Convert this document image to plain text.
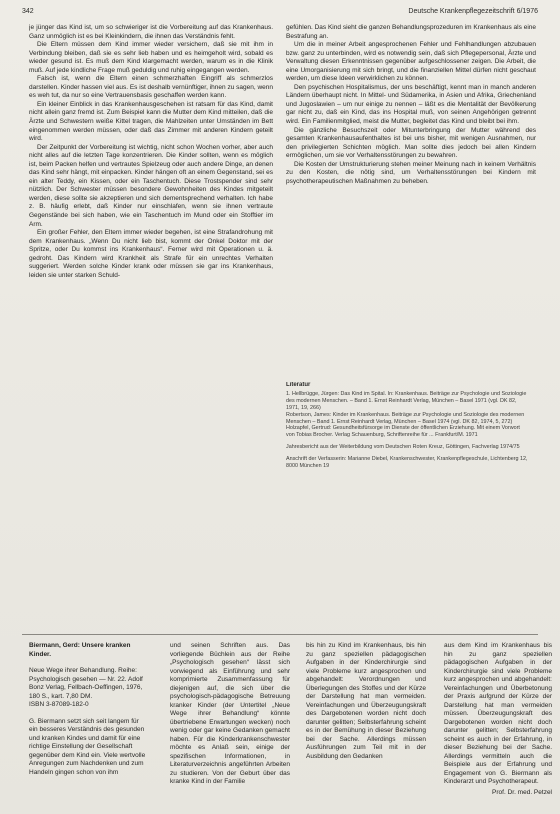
342	Deutsche Krankenpflegezeitschrift 6/1976

je jünger das Kind ist, um so schwieriger ist die Vorbereitung auf das Krankenhaus. Ganz unmöglich ist es bei Kleinkindern, die ihnen das Verständnis fehlt.

Die Eltern müssen dem Kind immer wieder versichern, daß sie mit ihm in Verbindung bleiben, daß sie es sehr lieb haben und es heimgeholt wird, sobald es wieder gesund ist. Es muß dem Kind klargemacht werden, warum es in die Klinik muß. Auf jede kindliche Frage muß geduldig und ruhig eingegangen werden.

Falsch ist, wenn die Eltern einen schmerzhaften Eingriff als schmerzlos darstellen. Kinder hassen viel aus. Es ist deshalb vernünftiger, ihnen zu sagen, wenn es weh tut, da nur so eine Vertrauensbasis geschaffen werden kann.

Ein kleiner Einblick in das Krankenhausgeschehen ist ratsam für das Kind, damit nicht allein ganz fremd ist. Zum Beispiel kann die Mutter dem Kind mitteilen, daß die Ärzte und Schwestern weiße Kittel tragen, die Mahlzeiten unter Umständen im Bett eingenommen werden müssen, oder daß das Zimmer mit anderen Kindern geteilt wird.

Der Zeitpunkt der Vorbereitung ist wichtig, nicht schon Wochen vorher, aber auch nicht alles auf die letzten Tage konzentrieren. Die Kinder sollten, wenn es möglich ist, beim Packen helfen und vertrautes Spielzeug oder auch andere Dinge, an denen das Kind sehr hängt, mit einpacken. Kinder hängen oft an einem Gegenstand, sei es ein alter Teddy, ein Kissen, oder ein Taschentuch. Diese Trostspender sind sehr nützlich. Der Schwester müssen besondere Gewohnheiten des Kindes mitgeteilt werden, diese sollte sie akzeptieren und sich dementsprechend verhalten. Ich habe z. B. häufig erlebt, daß Kinder nur einschlafen, wenn sie ihnen vertraute Gegenstände bei sich haben, wie ein Taschentuch im Mund oder ein Stofftier im Arm.

Ein großer Fehler, den Eltern immer wieder begehen, ist eine Strafandrohung mit dem Krankenhaus. „Wenn Du nicht lieb bist, kommt der Onkel Doktor mit der Spritze, oder Du kommst ins Krankenhaus“. Ferner wird mit Operationen u. ä. gedroht. Das Kindern wird Krankheit als Strafe für ein unrechtes Verhalten suggeriert. Werden solche Kinder krank oder müssen sie gar ins Krankenhaus, leiden sie unter starken Schuld-

gefühlen. Das Kind sieht die ganzen Behandlungsprozeduren im Krankenhaus als eine Bestrafung an.

Um die in meiner Arbeit angesprochenen Fehler und Fehlhandlungen abzubauen bzw. ganz zu unterbinden, wird es notwendig sein, daß sich Pflegepersonal, Ärzte und Verwaltung diesen Erkenntnissen gegenüber aufgeschlossener zeigen. Die Arbeit, die eine Umorganisierung mit sich bringt, und die finanziellen Mittel dürfen nicht geschaut werden, um diese Ideen verwirklichen zu können.

Den psychischen Hospitalismus, der uns beschäftigt, kennt man in manch anderen Ländern überhaupt nicht. In Mittel- und Südamerika, in Asien und Afrika, Griechenland und Jugoslawien – um nur einige zu nennen – läßt es die Mentalität der Bevölkerung gar nicht zu, daß ein Kind, das ins Hospital muß, von seinen Angehörigen getrennt wird. Ein Familienmitglied, meist die Mutter, begleitet das Kind und bleibt bei ihm.

Die gänzliche Besuchszeit oder Mitunterbringung der Mutter während des gesamten Krankenhausaufenthaltes ist bei uns bisher, mit wenigen Ausnahmen, nur den privilegierten Schichten möglich. Man sollte dies jedoch bei allen Kindern ermöglichen, um sie vor Verhaltensstörungen zu bewahren.

Die Kosten der Umstrukturierung stehen meiner Meinung nach in keinem Verhältnis zu den Kosten, die nötig sind, um Verhaltensstörungen bei Kindern mit psychotherapeutischen Maßnahmen zu beheben.

Literatur
1. Hellbrügge, Jürgen: Das Kind im Spital. In: Krankenhaus. Beiträge zur Psychologie und Soziologie des modernen Menschen. – Band 1. Ernst Reinhardt Verlag, München – Basel 1971 (vgl. DK 82, 1971, 19, 266)
Robertson, James: Kinder im Krankenhaus. Beiträge zur Psychologie und Soziologie des modernen Menschen – Band 1. Ernst Reinhardt Verlag, München – Basel 1974 (vgl. DK 82, 1974, 5, 272)
Holzapfel, Gertrud: Gesundheitsfürsorge im Dienste der öffentlichen Erziehung. Mit einem Vorwort von Tobias Brocher. Verlag Schauenburg, Schriftenreihe für ... Frankfurt/M. 1971
Jahresbericht aus der Weiterbildung vom Deutschen Roten Kreuz, Göttingen, Fachverlag 1974/75
Anschrift der Verfasserin: Marianne Diebel, Krankenschwester, Krankenpflegeschule, Lichtenberg 12, 8000 München 19
Biermann, Gerd: Unsere kranken Kinder.
Neue Wege ihrer Behandlung. Reihe:
Psychologisch gesehen — Nr. 22. Adolf
Bonz Verlag, Fellbach-Oeffingen, 1976,
180 S., kart. 7,80 DM.
ISBN 3-87089-182-0

G. Biermann setzt sich seit langem für ein besseres Verständnis des gesunden und kranken Kindes und damit für eine richtige Einstellung der Gesellschaft gegenüber dem Kind ein. Viele wertvolle Anregungen zum Nachdenken und zum Handeln gingen schon von ihm

und seinen Schriften aus. Das vorliegende Büchlein aus der Reihe „Psychologisch gesehen“ lässt sich vorwiegend als Einführung und sehr komprimierte Zusammenfassung für diejenigen auf, die sich über die psychologisch-pädagogische Betreuung kranker Kinder (der Untertitel „Neue Wege ihrer Behandlung“ könnte übertriebene Erwartungen wecken) noch wenig oder gar keine Gedanken gemacht haben. Für die Kinderkrankenschwester möchte es Anlaß sein, einige der spezifischen Informationen, in Literaturverzeichnis angeführten Arbeiten zu studieren. Von der Geburt über das kranke Kind in der Familie

bis hin zu Kind im Krankenhaus, bis hin zu ganz speziellen pädagogischen Aufgaben in der Kinderchirurgie sind viele Probleme kurz angesprochen und abgehandelt: Verordnungen und Überlegungen des Stoffes und der Kürze der Darstellung hat man vermeiden. Vereinfachungen und Überzeugungskraft des Dargebotenen worden nicht doch darunter gelitten; Selbsterfahrung scheint es in der Bemühung in dieser Beziehung bei der Sache. Allerdings müssen Ausführungen zum Teil mit in der Ausbildung den Gedanken

aus dem Kind im Krankenhaus bis hin zu ganz speziellen pädagogischen Aufgaben in der Kinderchirurgie sind viele Probleme kurz angesprochen und abgehandelt: Vereinfachungen und Überbetonung der Praxis aufgrund der Kürze der Darstellung hat man vermeiden müssen. Überzeugungskraft des Dargebotenen worden nicht doch darunter gelitten; Selbsterfahrung scheint es auch in der Erfahrung, in dieser Beziehung bei der Sache. Allerdings vermitteln auch die Beispiele aus der Erfahrung und Engagement von G. Biermann als Kinderarzt und Psychotherapeut.

Prof. Dr. med. Petzel
